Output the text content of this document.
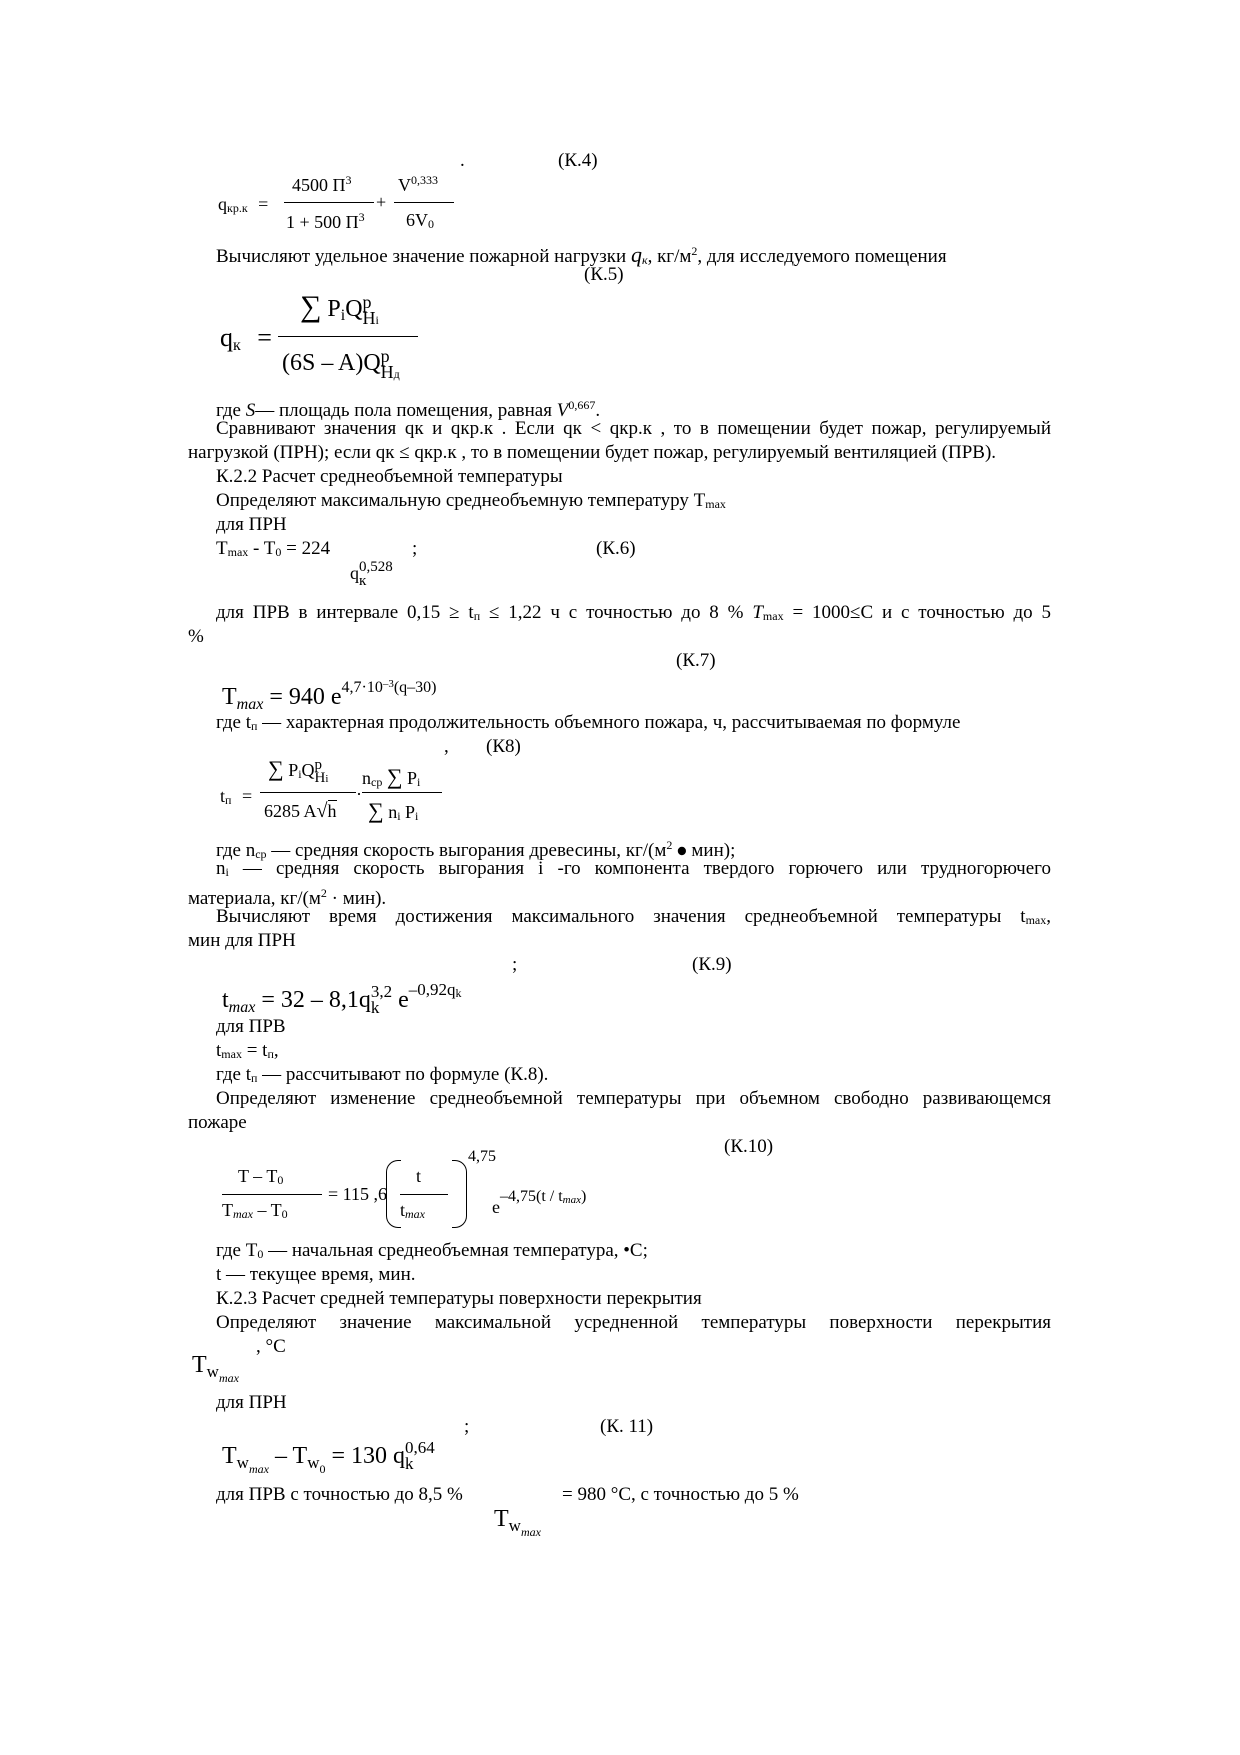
.	(К.4)
qкр.к =
4500 $П^3$
1 + 500 $П^3$
+
V$^{0,333}$
6V0
Вычисляют удельное значение пожарной нагрузки qк, $кг/м^2$, для исследуемого помещения
(К.5)
qк =
∑ PiQ p
Hi
(6S – A)Q p
Hд
где S— площадь пола помещения, равная V$^{0,667}$.
Сравнивают значения qк и qкр.к . Если qк < qкр.к , то в помещении будет пожар, регулируемый
нагрузкой (ПРН); если qк ≤ qкр.к , то в помещении будет пожар, регулируемый вентиляцией (ПРВ).
К.2.2 Расчет среднеобъемной температуры
Определяют максимальную среднеобъемную температуру Tmax
для ПРН
Tmax - T0 = 224	;	(К.6)
q 0,528
к
для ПРВ в интервале 0,15 ≥ tп ≤ 1,22 ч с точностью до 8 % Tmax = 1000≤С и с точностью до 5
%
(К.7)
$T_{max} = 940$ $e^{4,7\cdot 10^{-3}(q-30)}$
где tп — характерная продолжительность объемного пожара, ч, рассчитываемая по формуле
, (К8)
tп =
∑ PiQ p
Hi
6285 A√h
·
ncp ∑ Pi
∑ ni Pi
где nср — средняя скорость выгорания древесины, $кг/(м^2$ ⦁ мин);
ni — средняя скорость выгорания i -го компонента твердого горючего или трудногорючего
материала, $кг/(м^2 \cdot мин)$.
Вычисляют время достижения максимального значения среднеобъемной температуры tmax,
мин для ПРН
;	(К.9)
$t_{max} = 32 - 8,1q$ 3,2
k $e^{-0,92qk}$
для ПРВ
tmax = tп,
где tп — рассчитывают по формуле (К.8).
Определяют изменение среднеобъемной температуры при объемном свободно развивающемся
пожаре
(К.10)
T – T0
Tmax – T0
= 115 ,6
t
tmax
4,75
e–4,75(t / tmax)
где T0 — начальная среднеобъемная температура, •С;
t — текущее время, мин.
К.2.3 Расчет средней температуры поверхности перекрытия
Определяют значение максимальной усредненной температуры поверхности перекрытия
, °С
$T_{wmax}$
для ПРН
;	(К. 11)
$T_{wmax} - T_{w0} = 130$ q 0,64
k
для ПРВ с точностью до 8,5 %	= 980 °С, с точностью до 5 %
$T_{wmax}$
